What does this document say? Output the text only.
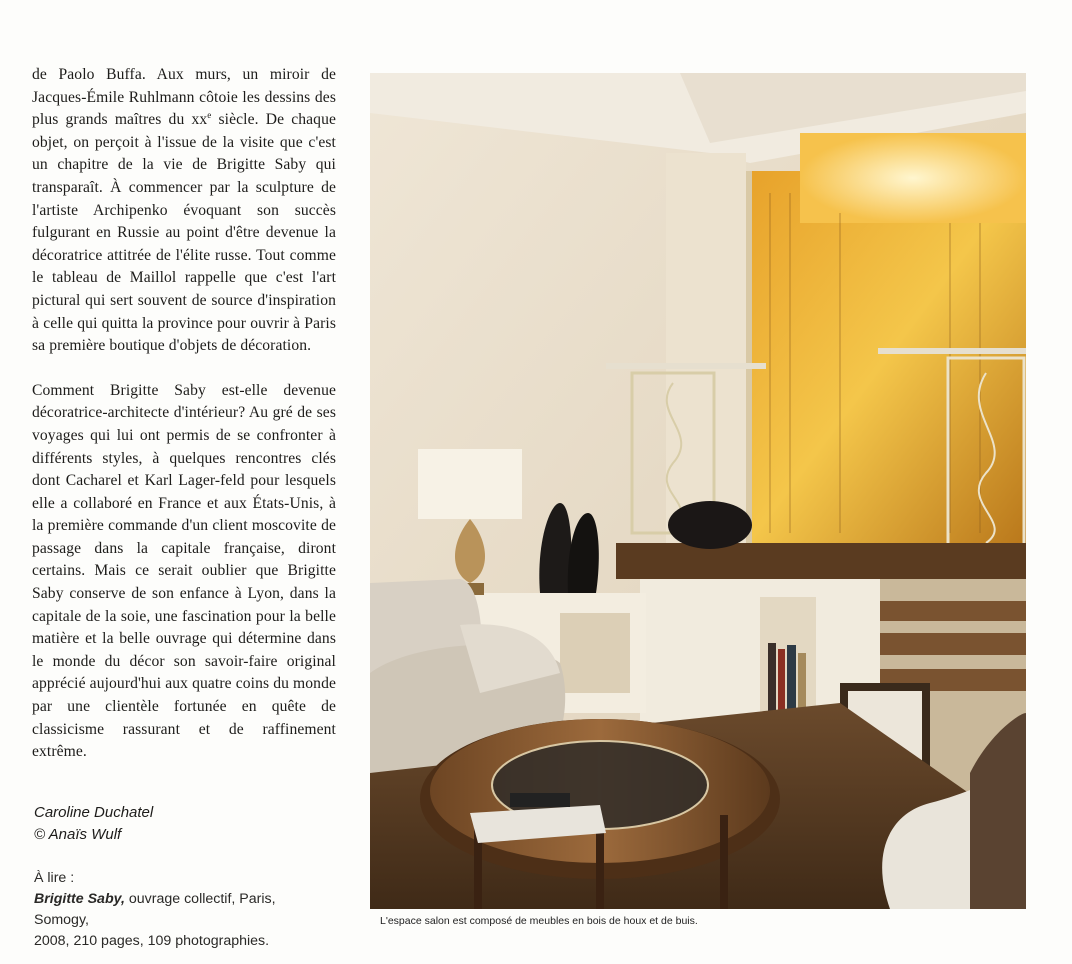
de Paolo Buffa. Aux murs, un miroir de Jacques-Émile Ruhlmann côtoie les dessins des plus grands maîtres du $xx^e$ siècle. De chaque objet, on perçoit à l'issue de la visite que c'est un chapitre de la vie de Brigitte Saby qui transparaît. À commencer par la sculpture de l'artiste Archipenko évoquant son succès fulgurant en Russie au point d'être devenue la décoratrice attitrée de l'élite russe. Tout comme le tableau de Maillol rappelle que c'est l'art pictural qui sert souvent de source d'inspiration à celle qui quitta la province pour ouvrir à Paris sa première boutique d'objets de décoration.

Comment Brigitte Saby est-elle devenue décoratrice-architecte d'intérieur? Au gré de ses voyages qui lui ont permis de se confronter à différents styles, à quelques rencontres clés dont Cacharel et Karl Lager-feld pour lesquels elle a collaboré en France et aux États-Unis, à la première commande d'un client moscovite de passage dans la capitale française, diront certains. Mais ce serait oublier que Brigitte Saby conserve de son enfance à Lyon, dans la capitale de la soie, une fascination pour la belle matière et la belle ouvrage qui détermine dans le monde du décor son savoir-faire original apprécié aujourd'hui aux quatre coins du monde par une clientèle fortunée en quête de classicisme rassurant et de raffinement extrême.

Caroline Duchatel
© Anaïs Wulf
À lire :
Brigitte Saby, ouvrage collectif, Paris, Somogy,
2008, 210 pages, 109 photographies.
L'espace salon est composé de meubles en bois de houx et de buis.
